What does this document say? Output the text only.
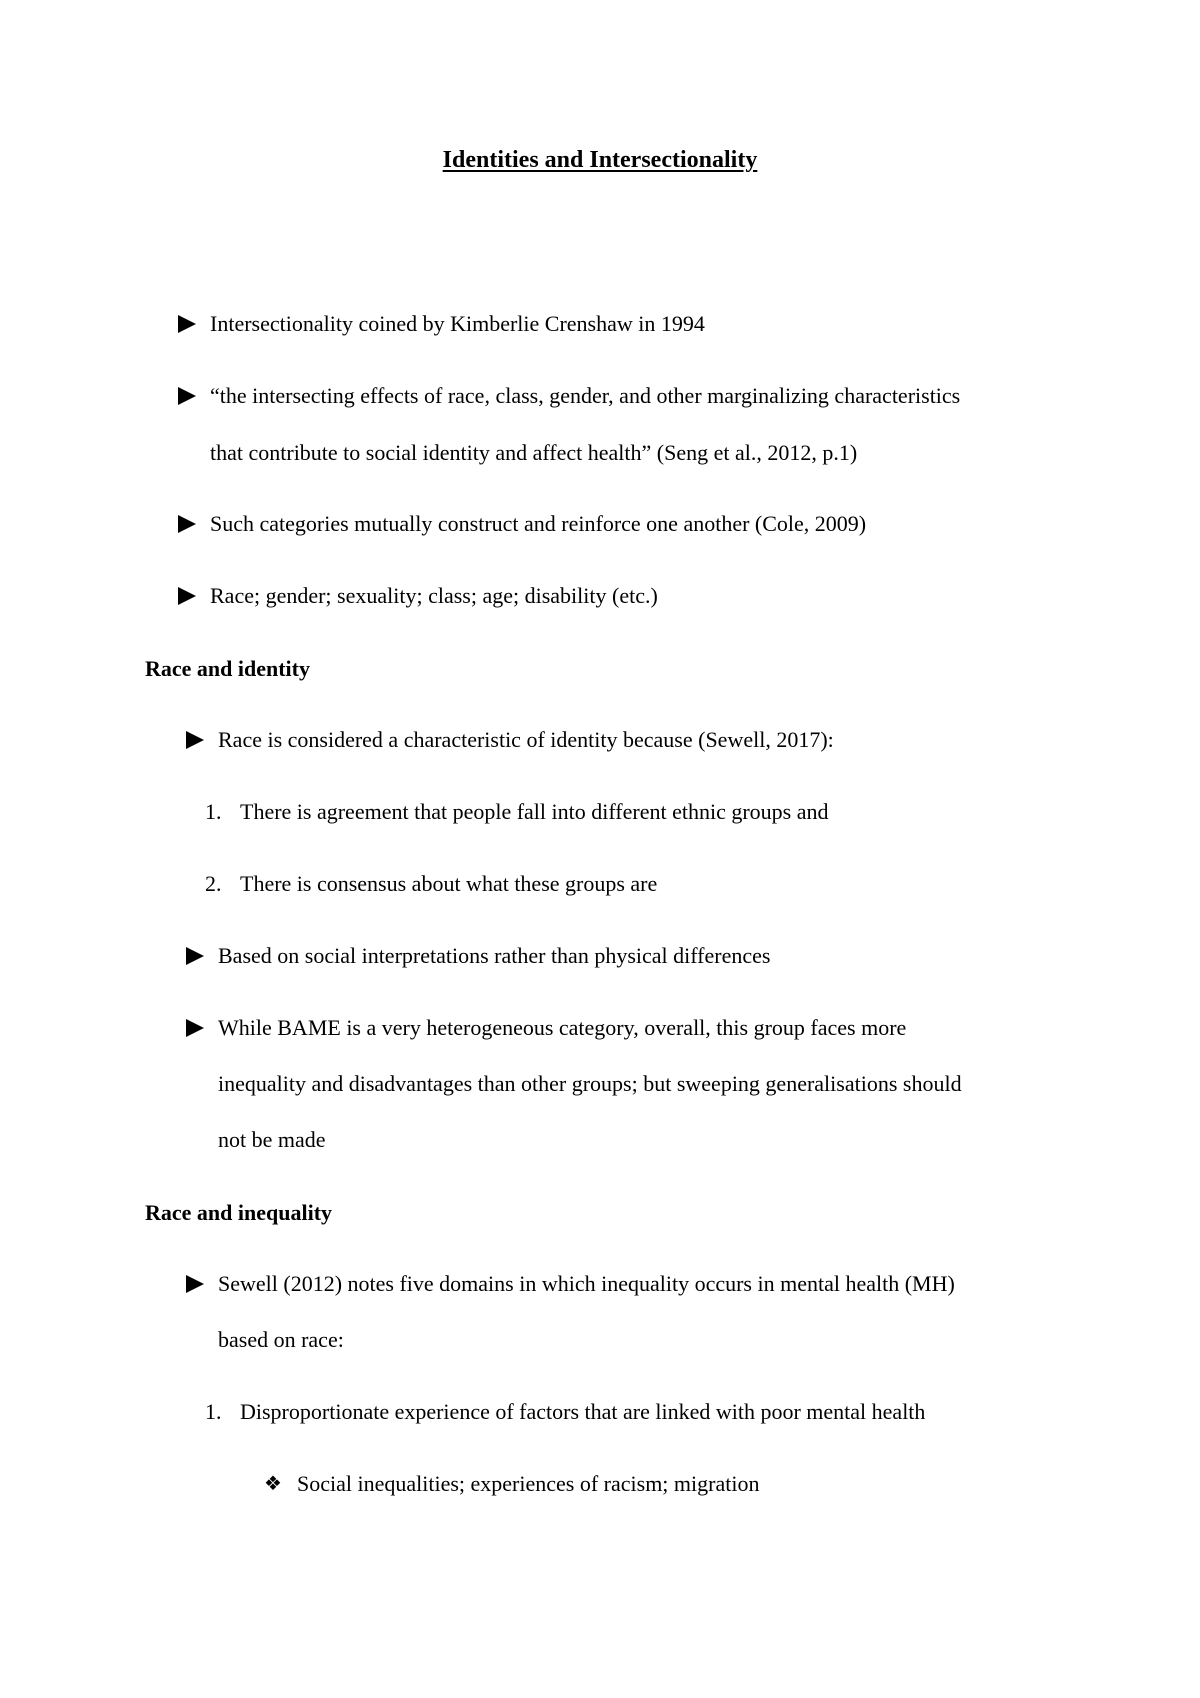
Identities and Intersectionality
Intersectionality coined by Kimberlie Crenshaw in 1994
“the intersecting effects of race, class, gender, and other marginalizing characteristics
that contribute to social identity and affect health” (Seng et al., 2012, p.1)
Such categories mutually construct and reinforce one another (Cole, 2009)
Race; gender; sexuality; class; age; disability (etc.)
Race and identity
Race is considered a characteristic of identity because (Sewell, 2017):
1. There is agreement that people fall into different ethnic groups and
2. There is consensus about what these groups are
Based on social interpretations rather than physical differences
While BAME is a very heterogeneous category, overall, this group faces more
inequality and disadvantages than other groups; but sweeping generalisations should
not be made
Race and inequality
Sewell (2012) notes five domains in which inequality occurs in mental health (MH)
based on race:
1. Disproportionate experience of factors that are linked with poor mental health
❖ Social inequalities; experiences of racism; migration
